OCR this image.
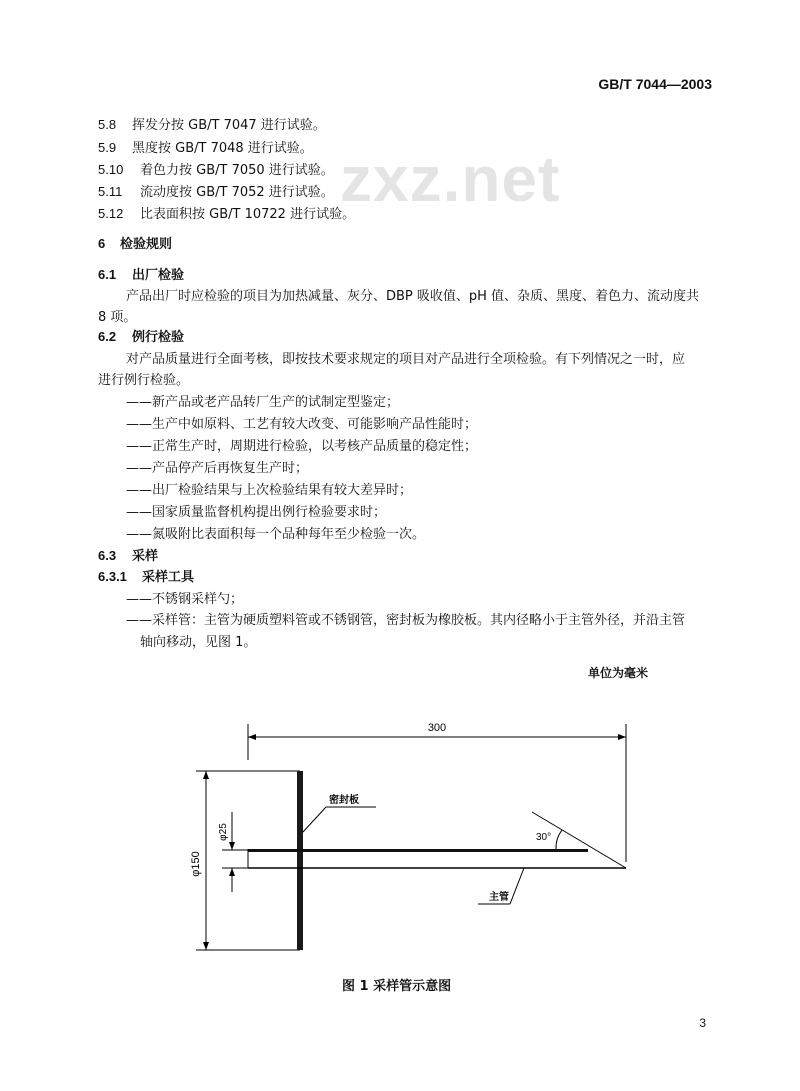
GB/T 7044—2003
zxz.net
5.8 挥发分按 GB/T 7047 进行试验。
5.9 黑度按 GB/T 7048 进行试验。
5.10 着色力按 GB/T 7050 进行试验。
5.11 流动度按 GB/T 7052 进行试验。
5.12 比表面积按 GB/T 10722 进行试验。
6 检验规则
6.1 出厂检验
产品出厂时应检验的项目为加热减量、灰分、DBP 吸收值、pH 值、杂质、黑度、着色力、流动度共
8 项。
6.2 例行检验
对产品质量进行全面考核，即按技术要求规定的项目对产品进行全项检验。有下列情况之一时，应
进行例行检验。
——新产品或老产品转厂生产的试制定型鉴定；
——生产中如原料、工艺有较大改变、可能影响产品性能时；
——正常生产时，周期进行检验，以考核产品质量的稳定性；
——产品停产后再恢复生产时；
——出厂检验结果与上次检验结果有较大差异时；
——国家质量监督机构提出例行检验要求时；
——氮吸附比表面积每一个品种每年至少检验一次。
6.3 采样
6.3.1 采样工具
——不锈钢采样勺；
——采样管：主管为硬质塑料管或不锈钢管，密封板为橡胶板。其内径略小于主管外径，并沿主管
轴向移动，见图 1。
单位为毫米
300
φ150
φ25	30°
密封板
主管
图 1 采样管示意图
3
